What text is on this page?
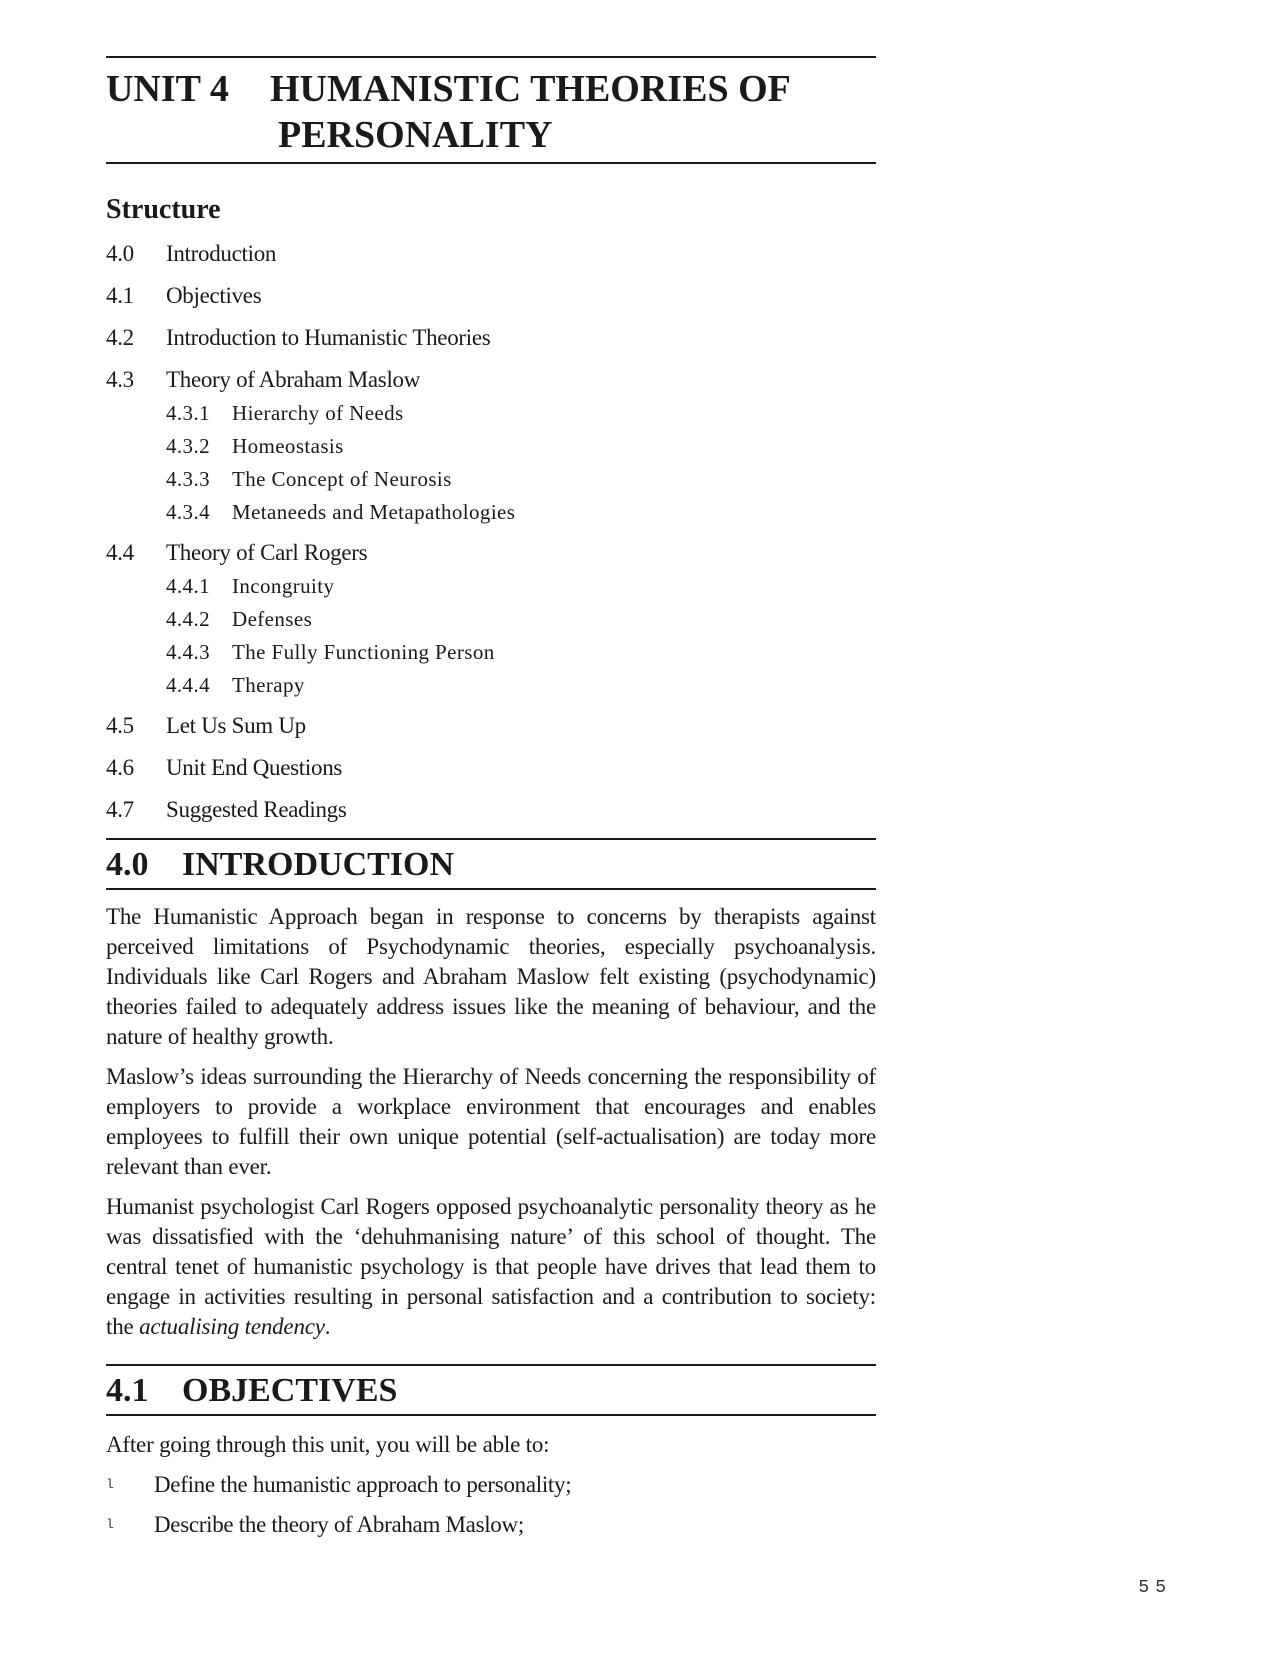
UNIT 4	HUMANISTIC THEORIES OF
PERSONALITY
Structure
4.0	Introduction
4.1	Objectives
4.2	Introduction to Humanistic Theories
4.3	Theory of Abraham Maslow
4.3.1	Hierarchy of Needs
4.3.2	Homeostasis
4.3.3	The Concept of Neurosis
4.3.4	Metaneeds and Metapathologies
4.4	Theory of Carl Rogers
4.4.1	Incongruity
4.4.2	Defenses
4.4.3	The Fully Functioning Person
4.4.4	Therapy
4.5	Let Us Sum Up
4.6	Unit End Questions
4.7	Suggested Readings
4.0 INTRODUCTION

The Humanistic Approach began in response to concerns by therapists against perceived limitations of Psychodynamic theories, especially psychoanalysis. Individuals like Carl Rogers and Abraham Maslow felt existing (psychodynamic) theories failed to adequately address issues like the meaning of behaviour, and the nature of healthy growth.

Maslow’s ideas surrounding the Hierarchy of Needs concerning the responsibility of employers to provide a workplace environment that encourages and enables employees to fulfill their own unique potential (self-actualisation) are today more relevant than ever.

Humanist psychologist Carl Rogers opposed psychoanalytic personality theory as he was dissatisfied with the ‘dehuhmanising nature’ of this school of thought. The central tenet of humanistic psychology is that people have drives that lead them to engage in activities resulting in personal satisfaction and a contribution to society: the actualising tendency.

4.1 OBJECTIVES

After going through this unit, you will be able to:

l	Define the humanistic approach to personality;
l	Describe the theory of Abraham Maslow;
55
